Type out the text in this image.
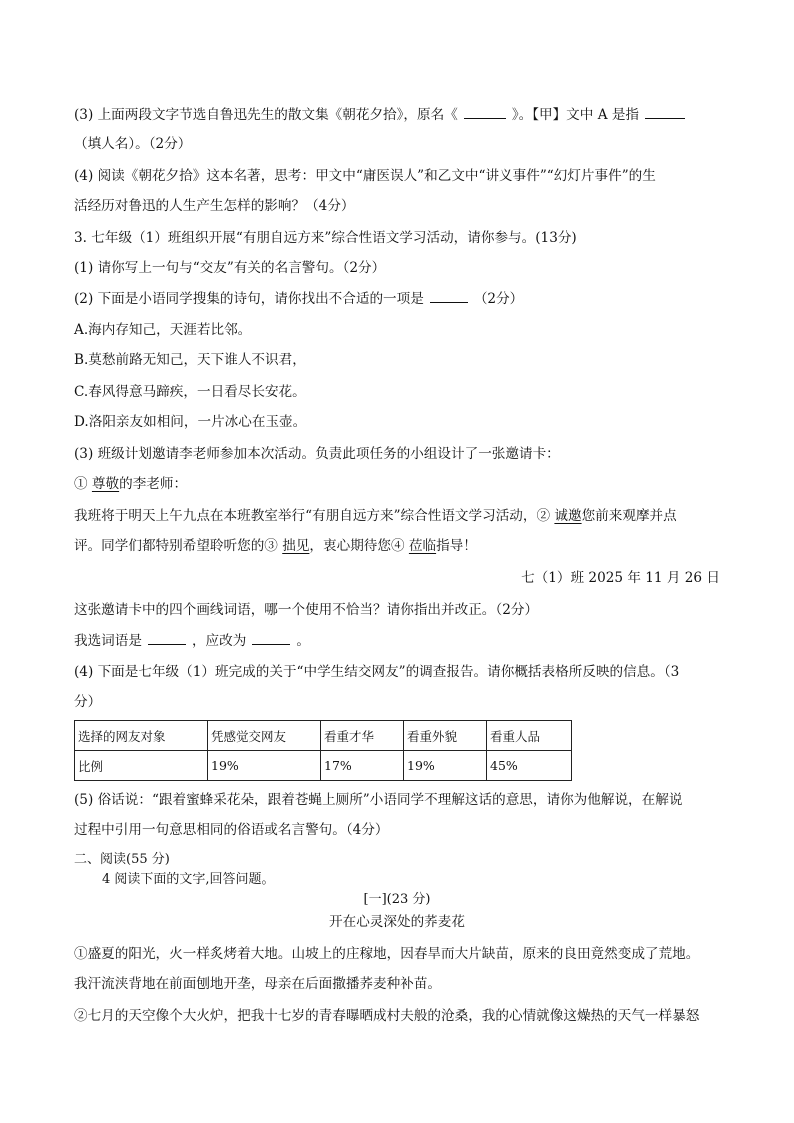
(3) 上面两段文字节选自鲁迅先生的散文集《朝花夕拾》，原名《	》。【甲】文中 A 是指
（填人名）。（2分）
(4) 阅读《朝花夕拾》这本名著，思考：甲文中“庸医误人”和乙文中“讲义事件”“幻灯片事件”的生
活经历对鲁迅的人生产生怎样的影响？（4分）
3. 七年级（1）班组织开展“有朋自远方来”综合性语文学习活动，请你参与。(13分)
(1) 请你写上一句与“交友”有关的名言警句。（2分）
(2) 下面是小语同学搜集的诗句，请你找出不合适的一项是	（2分）
A.海内存知己，天涯若比邻。
B.莫愁前路无知己，天下谁人不识君，
C.春风得意马蹄疾，一日看尽长安花。
D.洛阳亲友如相问，一片冰心在玉壶。
(3) 班级计划邀请李老师参加本次活动。负责此项任务的小组设计了一张邀请卡：
① 尊敬的李老师：
我班将于明天上午九点在本班教室举行“有朋自远方来”综合性语文学习活动，② 诚邀您前来观摩并点
评。同学们都特别希望聆听您的③ 拙见，衷心期待您④ 莅临指导！
七（1）班 2025 年 11 月 26 日
这张邀请卡中的四个画线词语，哪一个使用不恰当？请你指出并改正。（2分）
我选词语是	，应改为	。
(4) 下面是七年级（1）班完成的关于“中学生结交网友”的调查报告。请你概括表格所反映的信息。（3
分）
选择的网友对象	凭感觉交网友	看重才华	看重外貌	看重人品
比例	19%	17%	19%	45%
(5) 俗话说：“跟着蜜蜂采花朵，跟着苍蝇上厕所”小语同学不理解这话的意思，请你为他解说，在解说
过程中引用一句意思相同的俗语或名言警句。（4分）
二、阅读(55 分)
4 阅读下面的文字,回答问题。
[一](23 分)
开在心灵深处的荞麦花
①盛夏的阳光，火一样炙烤着大地。山坡上的庄稼地，因春旱而大片缺苗，原来的良田竟然变成了荒地。
我汗流浃背地在前面刨地开垄，母亲在后面撒播荞麦种补苗。
②七月的天空像个大火炉，把我十七岁的青春曝晒成村夫般的沧桑，我的心情就像这燥热的天气一样暴怒
